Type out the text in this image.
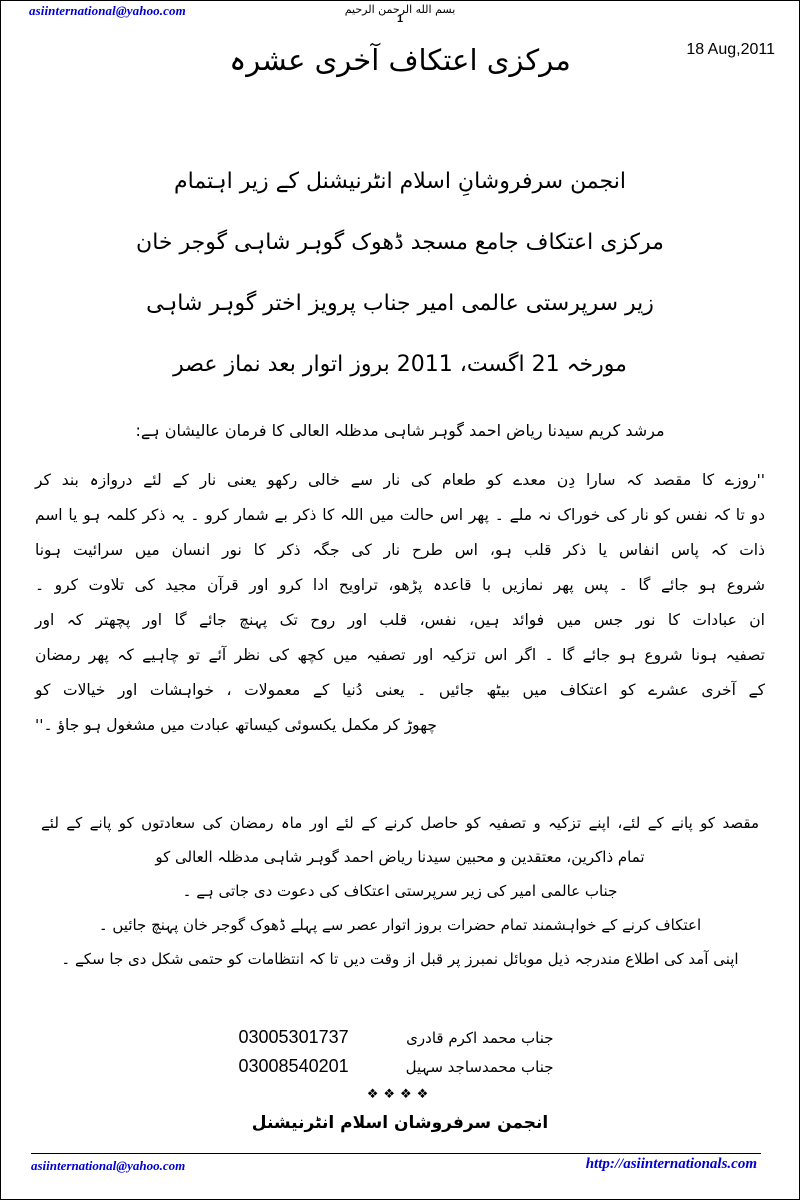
asiinternational@yahoo.com	بسم الله الرحمن الرحيم
1
18 Aug,2011
مرکزی اعتکاف آخری عشرہ
انجمن سرفروشانِ اسلام انٹرنیشنل کے زیر اہتمام
مرکزی اعتکاف جامع مسجد ڈھوک گوہر شاہی گوجر خان
زیر سرپرستی عالمی امیر جناب پرویز اختر گوہر شاہی
مورخہ 21 اگست، 2011 بروز اتوار بعد نماز عصر
مرشد کریم سیدنا ریاض احمد گوہر شاہی مدظلہ العالی کا فرمان عالیشان ہے:
''روزے کا مقصد کہ سارا دِن معدے کو طعام کی نار سے خالی رکھو یعنی نار کے لئے دروازہ بند کر
دو تا کہ نفس کو نار کی خوراک نہ ملے ۔ پھر اس حالت میں اللہ کا ذکر بے شمار کرو ۔ یہ ذکر کلمہ ہو یا اسم
ذات کہ پاس انفاس یا ذکر قلب ہو، اس طرح نار کی جگہ ذکر کا نور انسان میں سرائیت ہونا
شروع ہو جائے گا ۔ پس پھر نمازیں با قاعدہ پڑھو، تراویح ادا کرو اور قرآن مجید کی تلاوت کرو ۔
ان عبادات کا نور جس میں فوائد ہیں، نفس، قلب اور روح تک پہنچ جائے گا اور پچھتر کہ اور
تصفیہ ہونا شروع ہو جائے گا ۔ اگر اس تزکیہ اور تصفیہ میں کچھ کی نظر آئے تو چاہیے کہ پھر رمضان
کے آخری عشرے کو اعتکاف میں بیٹھ جائیں ۔ یعنی دُنیا کے معمولات ، خواہشات اور خیالات کو
چھوڑ کر مکمل یکسوئی کیساتھ عبادت میں مشغول ہو جاؤ ۔''
مقصد کو پانے کے لئے، اپنے تزکیہ و تصفیہ کو حاصل کرنے کے لئے اور ماہ رمضان کی سعادتوں کو پانے کے لئے
تمام ذاکرین، معتقدین و محبین سیدنا ریاض احمد گوہر شاہی مدظلہ العالی کو
جناب عالمی امیر کی زیر سرپرستی اعتکاف کی دعوت دی جاتی ہے ۔
اعتکاف کرنے کے خواہشمند تمام حضرات بروز اتوار عصر سے پہلے ڈھوک گوجر خان پہنچ جائیں ۔
اپنی آمد کی اطلاع مندرجہ ذیل موبائل نمبرز پر قبل از وقت دیں تا کہ انتظامات کو حتمی شکل دی جا سکے ۔
جناب محمد اکرم قادری
03005301737
جناب محمدساجد سہیل
03008540201
❖❖❖❖
انجمن سرفروشان اسلام انٹرنیشنل
asiinternational@yahoo.com	http://asiinternationals.com
